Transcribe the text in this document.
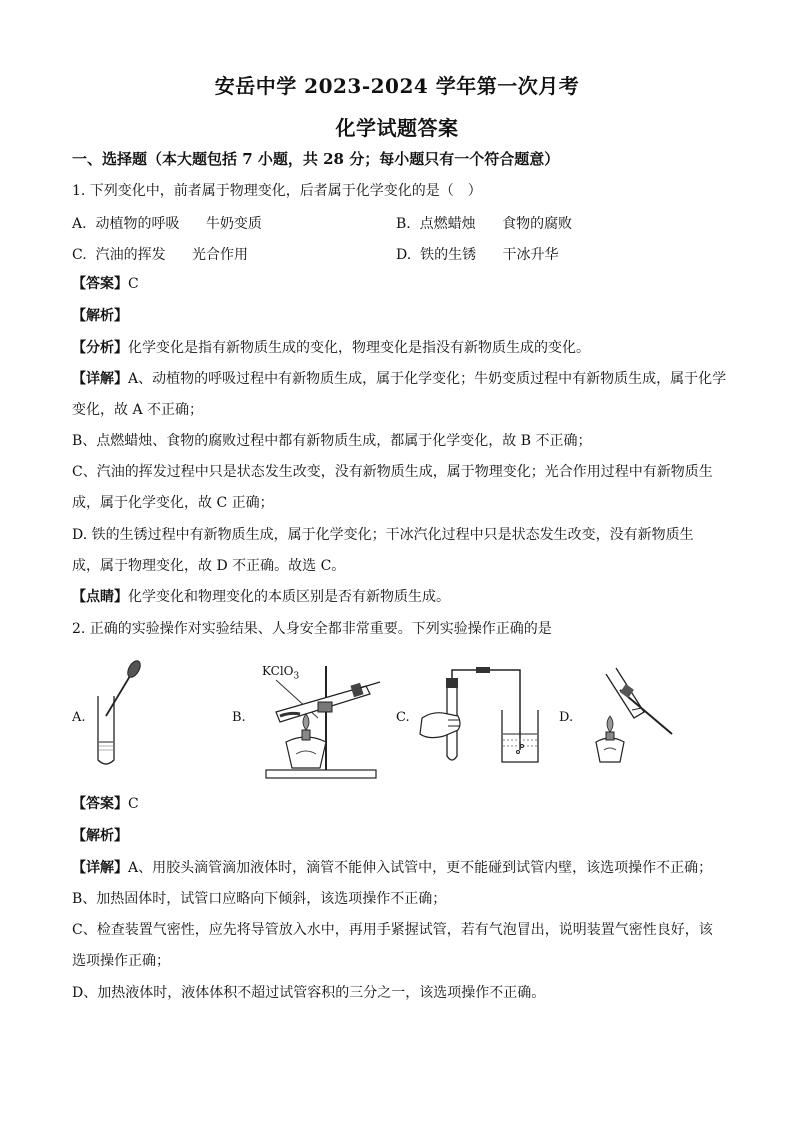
安岳中学 2023-2024 学年第一次月考
化学试题答案
一、选择题（本大题包括 7 小题，共 28 分；每小题只有一个符合题意）
1. 下列变化中，前者属于物理变化，后者属于化学变化的是（　）
A. 动植物的呼吸 牛奶变质	B. 点燃蜡烛 食物的腐败
C. 汽油的挥发 光合作用	D. 铁的生锈 干冰升华
【答案】C
【解析】
【分析】化学变化是指有新物质生成的变化，物理变化是指没有新物质生成的变化。
【详解】A、动植物的呼吸过程中有新物质生成，属于化学变化；牛奶变质过程中有新物质生成，属于化学
变化，故 A 不正确；
B、点燃蜡烛、食物的腐败过程中都有新物质生成，都属于化学变化，故 B 不正确；
C、汽油的挥发过程中只是状态发生改变，没有新物质生成，属于物理变化；光合作用过程中有新物质生
成，属于化学变化，故 C 正确；
D. 铁的生锈过程中有新物质生成，属于化学变化；干冰汽化过程中只是状态发生改变，没有新物质生
成，属于物理变化，故 D 不正确。故选 C。
【点睛】化学变化和物理变化的本质区别是否有新物质生成。
2. 正确的实验操作对实验结果、人身安全都非常重要。下列实验操作正确的是
A.	B.
KClO$_3$
C.	D.
【答案】C
【解析】
【详解】A、用胶头滴管滴加液体时，滴管不能伸入试管中，更不能碰到试管内壁，该选项操作不正确；
B、加热固体时，试管口应略向下倾斜，该选项操作不正确；
C、检查装置气密性，应先将导管放入水中，再用手紧握试管，若有气泡冒出，说明装置气密性良好，该
选项操作正确；
D、加热液体时，液体体积不超过试管容积的三分之一，该选项操作不正确。
